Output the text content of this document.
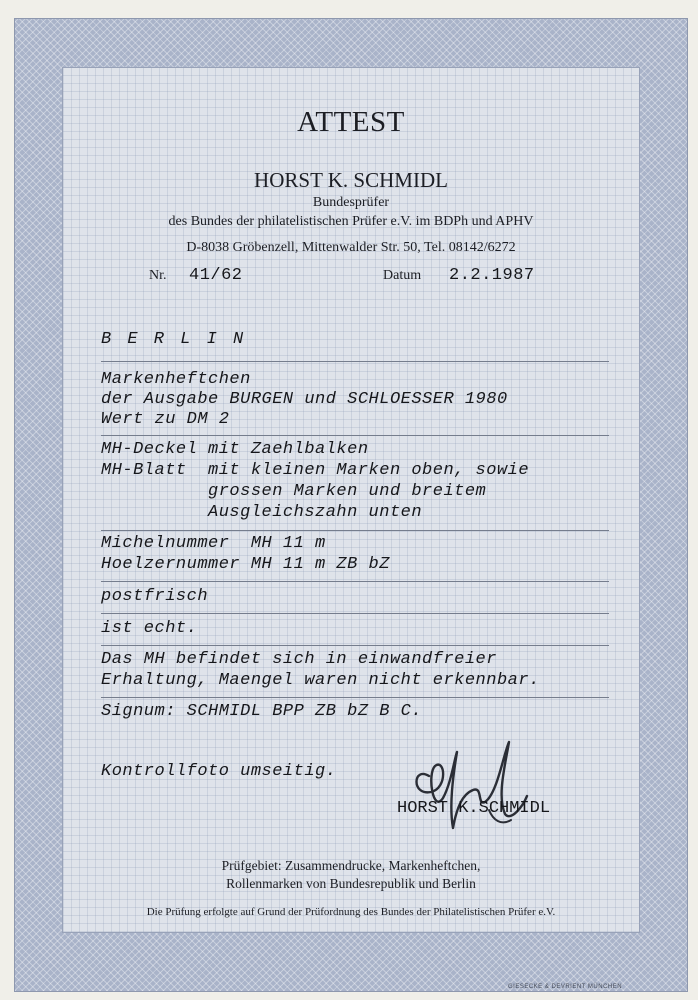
ATTEST
HORST K. SCHMIDL
Bundesprüfer
des Bundes der philatelistischen Prüfer e.V. im BDPh und APHV
D-8038 Gröbenzell, Mittenwalder Str. 50, Tel. 08142/6272
Nr. 41/62	Datum 2.2.1987
B E R L I N
Markenheftchen
der Ausgabe BURGEN und SCHLOESSER 1980
Wert zu DM 2
MH-Deckel mit Zaehlbalken
MH-Blatt  mit kleinen Marken oben, sowie
grossen Marken und breitem
Ausgleichszahn unten
Michelnummer  MH 11 m
Hoelzernummer MH 11 m ZB bZ
postfrisch
ist echt.
Das MH befindet sich in einwandfreier
Erhaltung, Maengel waren nicht erkennbar.
Signum: SCHMIDL BPP ZB bZ B C.
Kontrollfoto umseitig.
HORST K.SCHMIDL
Prüfgebiet: Zusammendrucke, Markenheftchen,
Rollenmarken von Bundesrepublik und Berlin
Die Prüfung erfolgte auf Grund der Prüfordnung des Bundes der Philatelistischen Prüfer e.V.
GIESECKE & DEVRIENT MÜNCHEN
